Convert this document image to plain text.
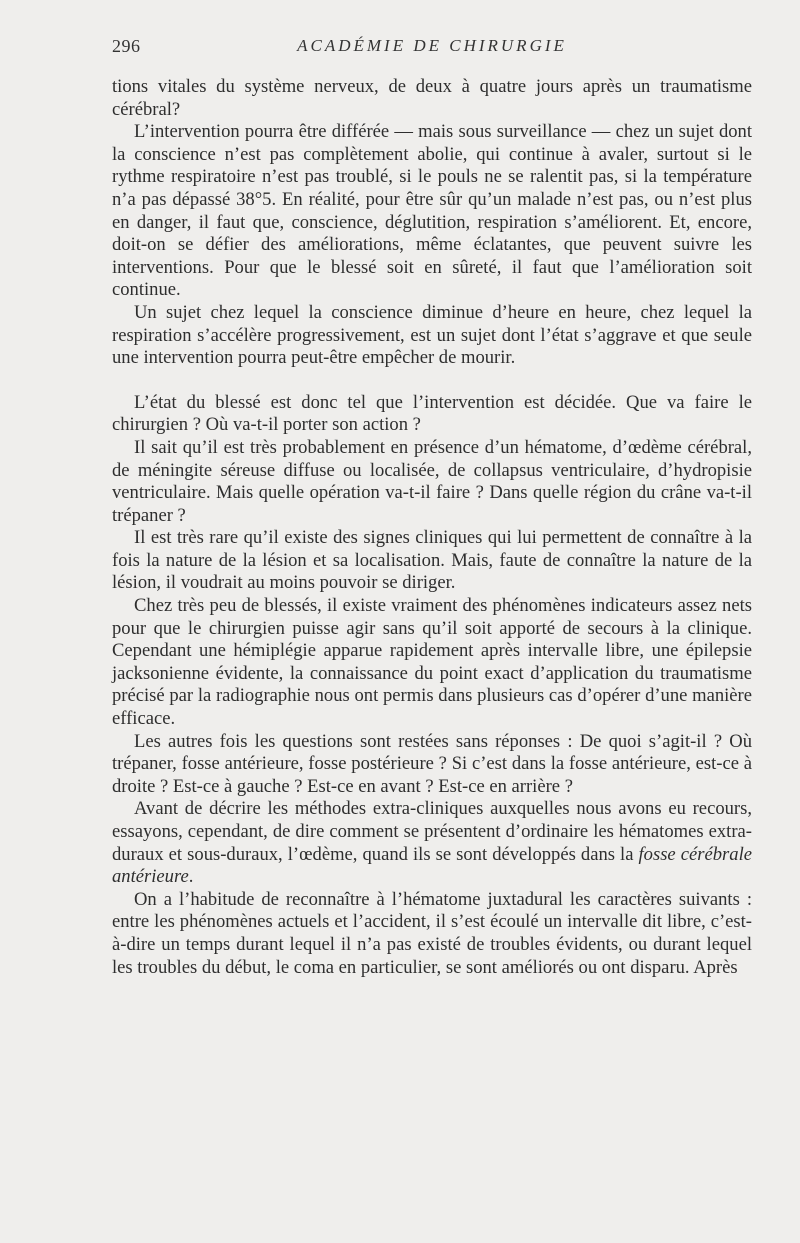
296	ACADÉMIE DE CHIRURGIE

tions vitales du système nerveux, de deux à quatre jours après un traumatisme cérébral?

L’intervention pourra être différée — mais sous surveillance — chez un sujet dont la conscience n’est pas complètement abolie, qui continue à avaler, surtout si le rythme respiratoire n’est pas troublé, si le pouls ne se ralentit pas, si la température n’a pas dépassé 38°5. En réalité, pour être sûr qu’un malade n’est pas, ou n’est plus en danger, il faut que, conscience, déglutition, respiration s’améliorent. Et, encore, doit-on se défier des améliorations, même éclatantes, que peuvent suivre les interventions. Pour que le blessé soit en sûreté, il faut que l’amélioration soit continue.

Un sujet chez lequel la conscience diminue d’heure en heure, chez lequel la respiration s’accélère progressivement, est un sujet dont l’état s’aggrave et que seule une intervention pourra peut-être empêcher de mourir.

L’état du blessé est donc tel que l’intervention est décidée. Que va faire le chirurgien ? Où va-t-il porter son action ?

Il sait qu’il est très probablement en présence d’un hématome, d’œdème cérébral, de méningite séreuse diffuse ou localisée, de collapsus ventriculaire, d’hydropisie ventriculaire. Mais quelle opération va-t-il faire ? Dans quelle région du crâne va-t-il trépaner ?

Il est très rare qu’il existe des signes cliniques qui lui permettent de connaître à la fois la nature de la lésion et sa localisation. Mais, faute de connaître la nature de la lésion, il voudrait au moins pouvoir se diriger.

Chez très peu de blessés, il existe vraiment des phénomènes indicateurs assez nets pour que le chirurgien puisse agir sans qu’il soit apporté de secours à la clinique. Cependant une hémiplégie apparue rapidement après intervalle libre, une épilepsie jacksonienne évidente, la connaissance du point exact d’application du traumatisme précisé par la radiographie nous ont permis dans plusieurs cas d’opérer d’une manière efficace.

Les autres fois les questions sont restées sans réponses : De quoi s’agit-il ? Où trépaner, fosse antérieure, fosse postérieure ? Si c’est dans la fosse antérieure, est-ce à droite ? Est-ce à gauche ? Est-ce en avant ? Est-ce en arrière ?

Avant de décrire les méthodes extra-cliniques auxquelles nous avons eu recours, essayons, cependant, de dire comment se présentent d’ordinaire les hématomes extra-duraux et sous-duraux, l’œdème, quand ils se sont développés dans la fosse cérébrale antérieure.

On a l’habitude de reconnaître à l’hématome juxtadural les caractères suivants : entre les phénomènes actuels et l’accident, il s’est écoulé un intervalle dit libre, c’est-à-dire un temps durant lequel il n’a pas existé de troubles évidents, ou durant lequel les troubles du début, le coma en particulier, se sont améliorés ou ont disparu. Après
